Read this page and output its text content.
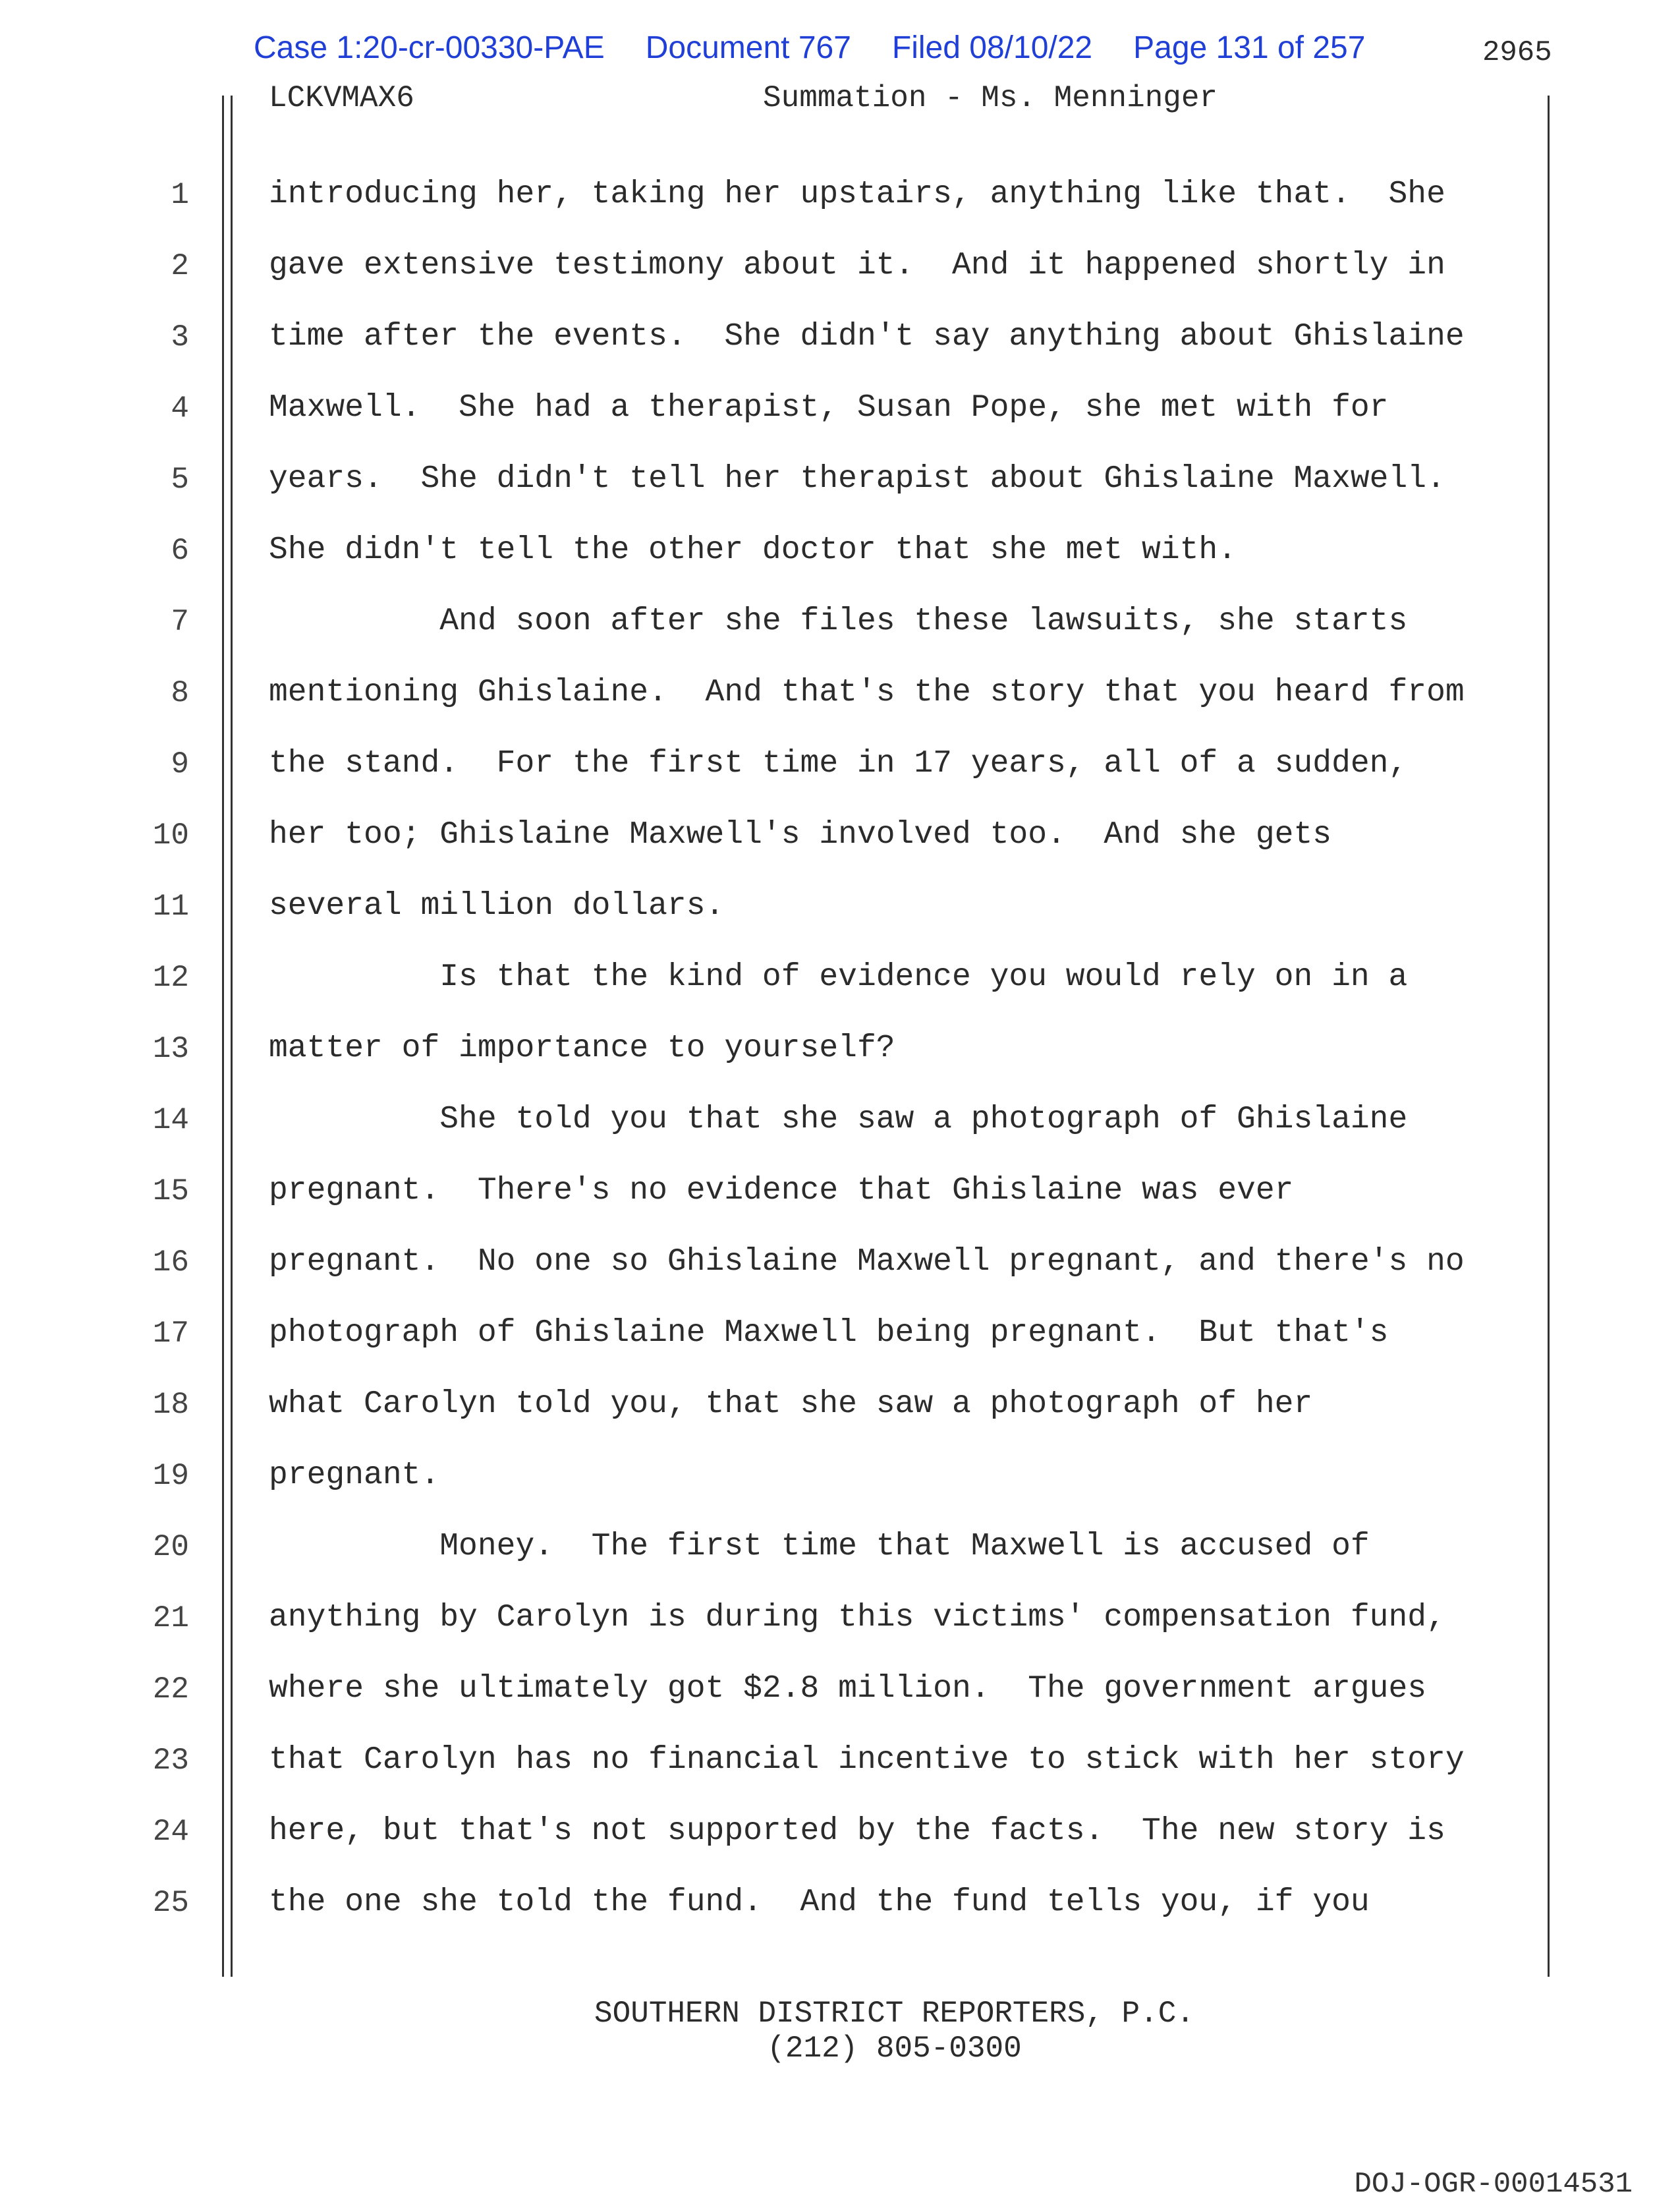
Case 1:20-cr-00330-PAE Document 767 Filed 08/10/22 Page 131 of 257	2965
LCKVMAX6	Summation - Ms. Menninger
1	introducing her, taking her upstairs, anything like that.  She
2	gave extensive testimony about it.  And it happened shortly in
3	time after the events.  She didn't say anything about Ghislaine
4	Maxwell.  She had a therapist, Susan Pope, she met with for
5	years.  She didn't tell her therapist about Ghislaine Maxwell.
6	She didn't tell the other doctor that she met with.
7	And soon after she files these lawsuits, she starts
8	mentioning Ghislaine.  And that's the story that you heard from
9	the stand.  For the first time in 17 years, all of a sudden,
10	her too; Ghislaine Maxwell's involved too.  And she gets
11	several million dollars.
12	Is that the kind of evidence you would rely on in a
13	matter of importance to yourself?
14	She told you that she saw a photograph of Ghislaine
15	pregnant.  There's no evidence that Ghislaine was ever
16	pregnant.  No one so Ghislaine Maxwell pregnant, and there's no
17	photograph of Ghislaine Maxwell being pregnant.  But that's
18	what Carolyn told you, that she saw a photograph of her
19	pregnant.
20	Money.  The first time that Maxwell is accused of
21	anything by Carolyn is during this victims' compensation fund,
22	where she ultimately got $2.8 million.  The government argues
23	that Carolyn has no financial incentive to stick with her story
24	here, but that's not supported by the facts.  The new story is
25	the one she told the fund.  And the fund tells you, if you
SOUTHERN DISTRICT REPORTERS, P.C.
(212) 805-0300
DOJ-OGR-00014531
